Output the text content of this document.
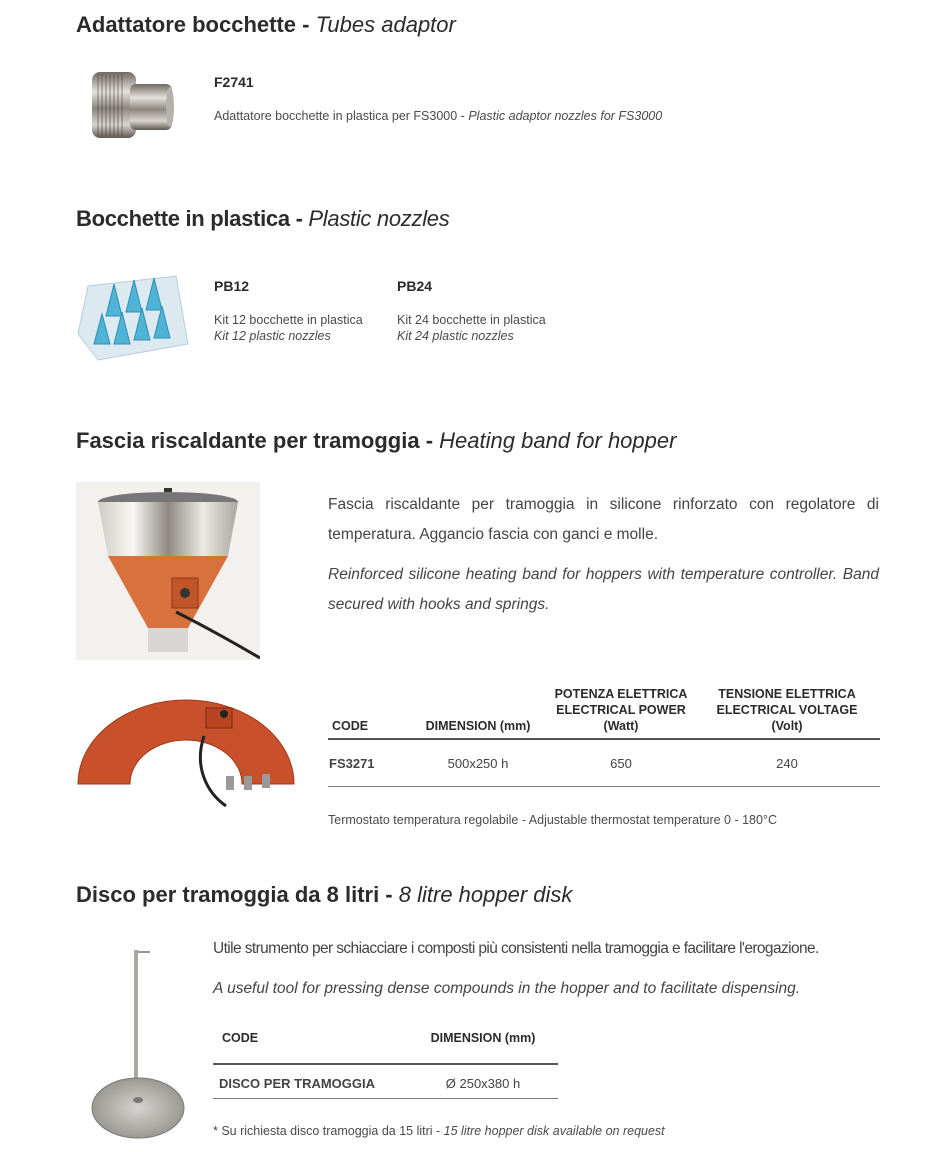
Adattatore bocchette - Tubes adaptor
F2741
Adattatore bocchette in plastica per FS3000 - Plastic adaptor nozzles for FS3000
Bocchette in plastica - Plastic nozzles
PB12
Kit 12 bocchette in plastica
Kit 12 plastic nozzles
PB24
Kit 24 bocchette in plastica
Kit 24 plastic nozzles
Fascia riscaldante per tramoggia - Heating band for hopper
Fascia riscaldante per tramoggia in silicone rinforzato con regolatore di temperatura. Aggancio fascia con ganci e molle.
Reinforced silicone heating band for hoppers with temperature controller. Band secured with hooks and springs.
CODE	DIMENSION (mm)	POTENZA ELETTRICA
ELECTRICAL POWER
(Watt)	TENSIONE ELETTRICA
ELECTRICAL VOLTAGE
(Volt)
FS3271	500x250 h	650	240
Termostato temperatura regolabile - Adjustable thermostat temperature 0 - 180°C
Disco per tramoggia da 8 litri - 8 litre hopper disk
Utile strumento per schiacciare i composti più consistenti nella tramoggia e facilitare l'erogazione.
A useful tool for pressing dense compounds in the hopper and to facilitate dispensing.
CODE	DIMENSION (mm)
DISCO PER TRAMOGGIA	Ø 250x380 h
* Su richiesta disco tramoggia da 15 litri - 15 litre hopper disk available on request
